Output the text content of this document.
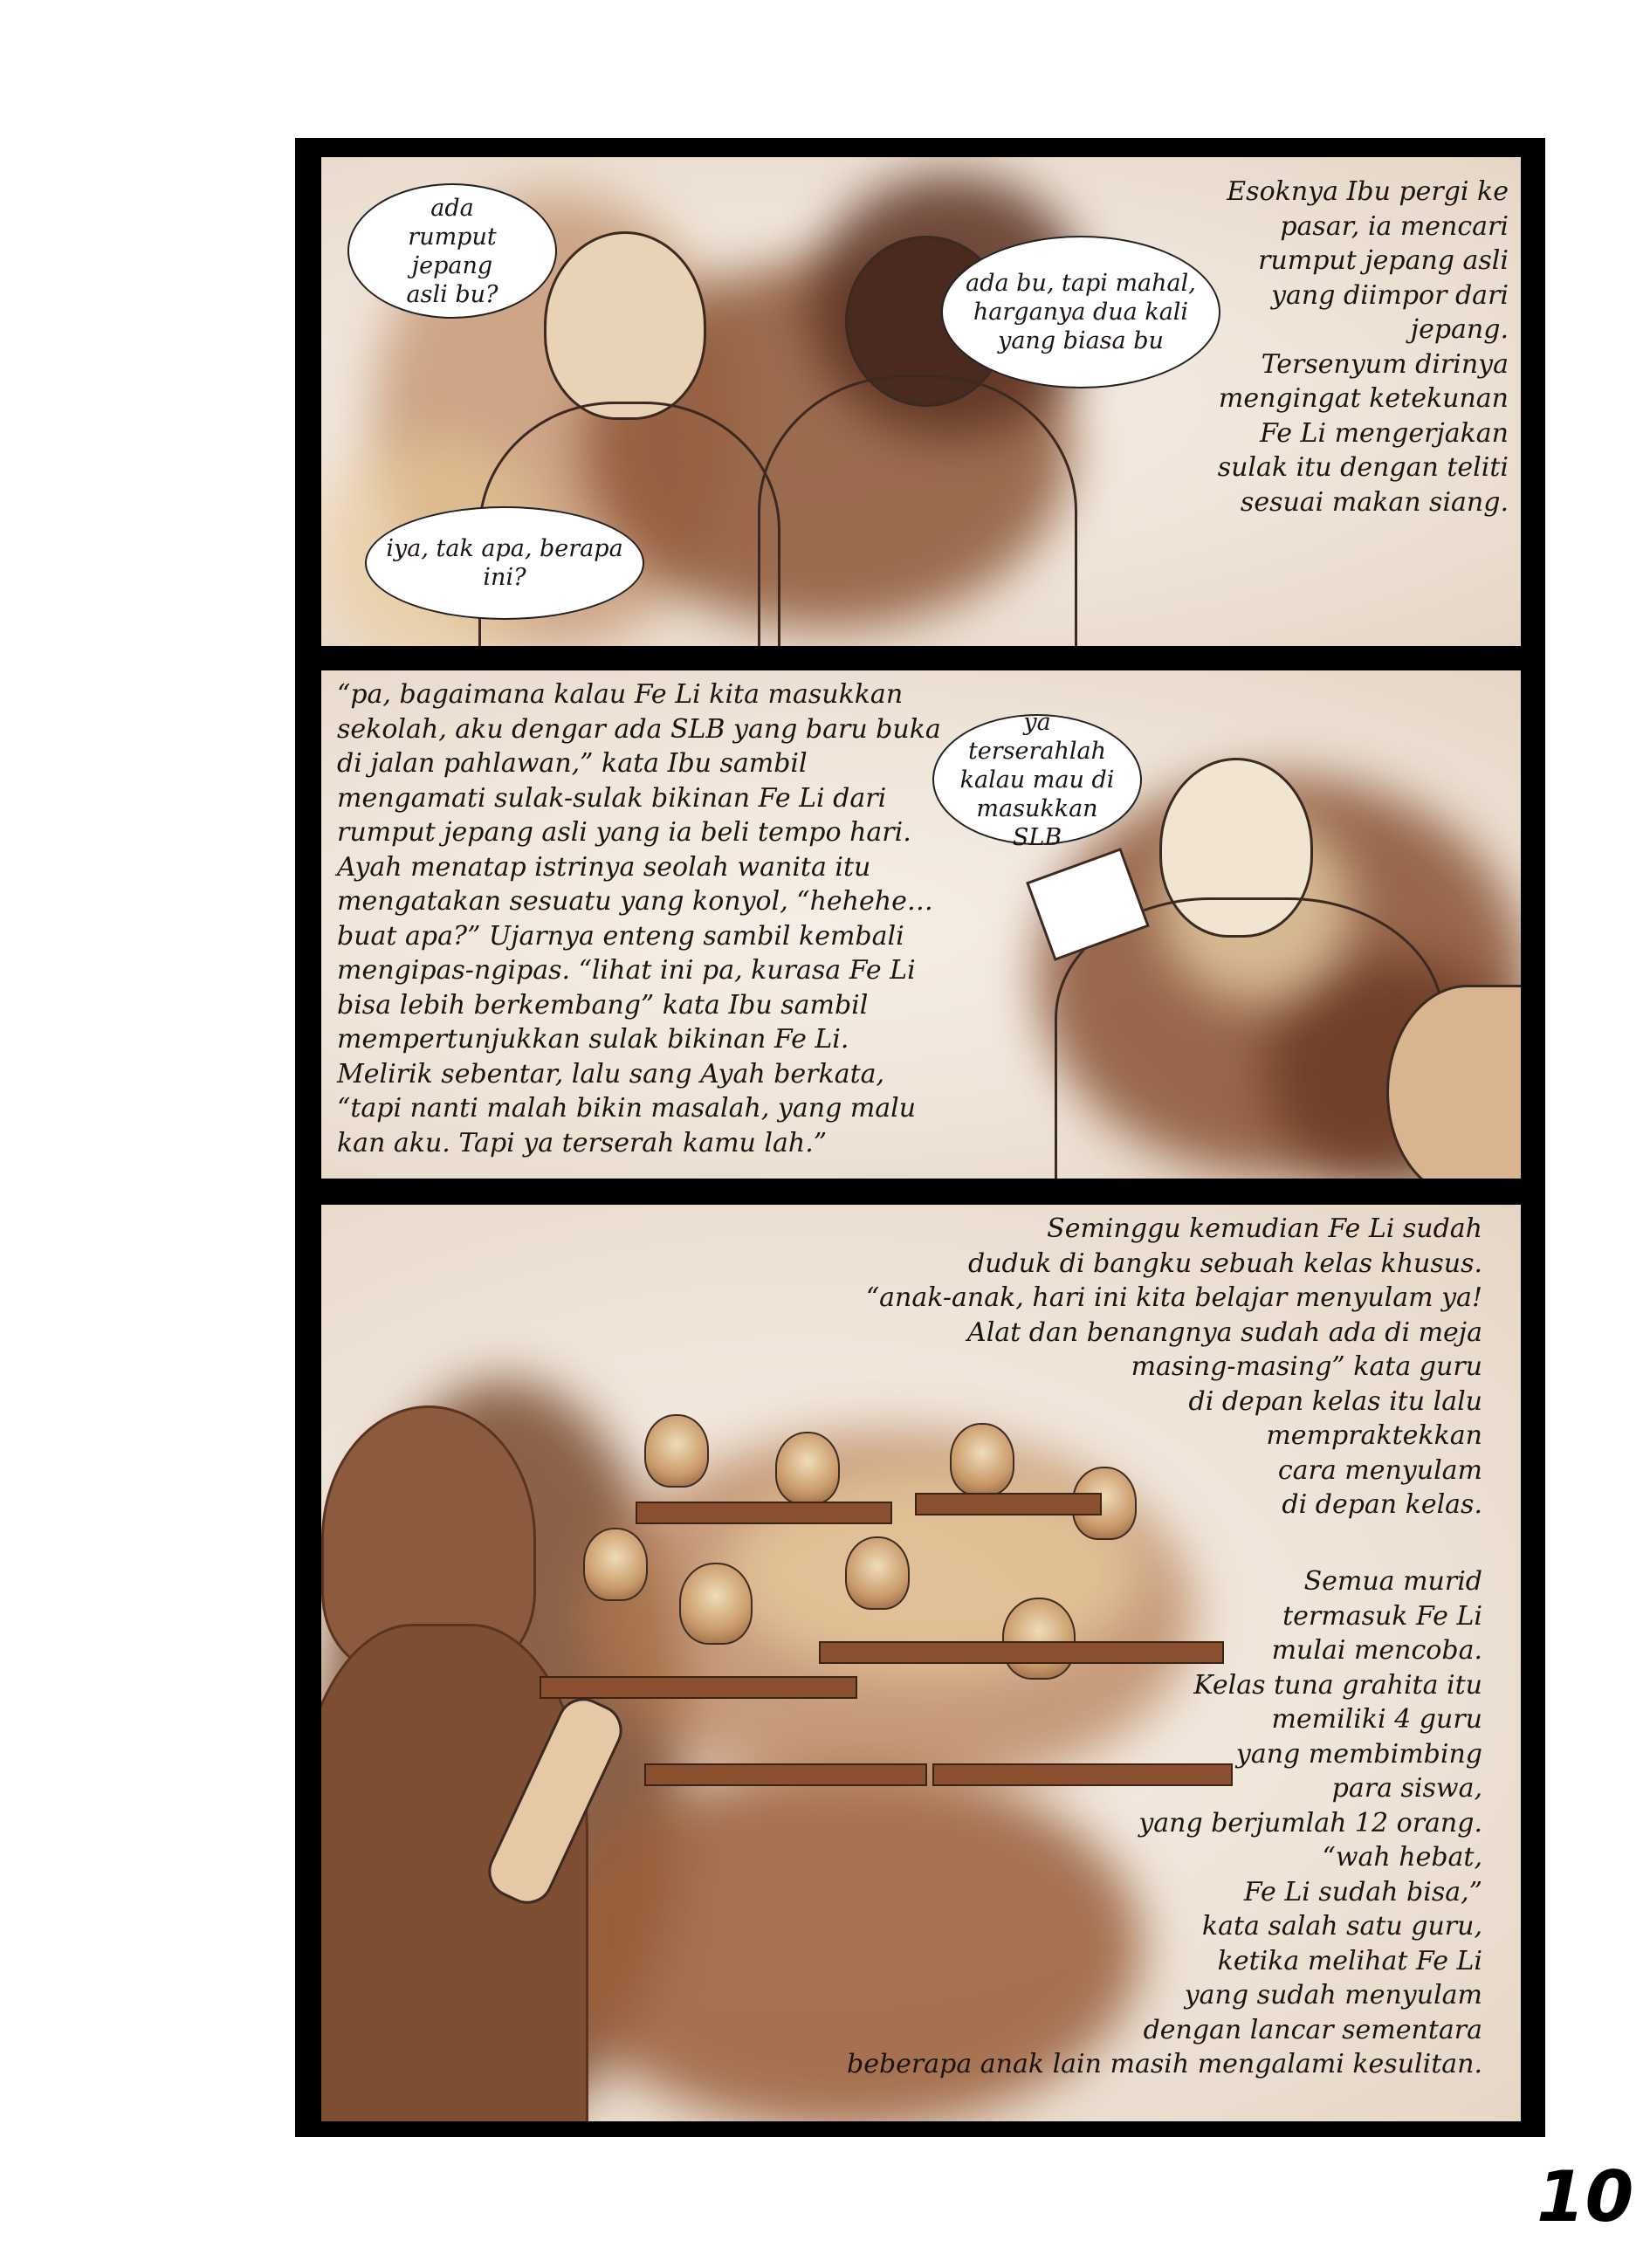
ada
rumput jepang
asli bu?	ada bu, tapi mahal,
harganya dua kali
yang biasa bu
iya, tak apa, berapa
ini?
Esoknya Ibu pergi ke
pasar, ia mencari
rumput jepang asli
yang diimpor dari
jepang.
Tersenyum dirinya
mengingat ketekunan
Fe Li mengerjakan
sulak itu dengan teliti
sesuai makan siang.
“pa, bagaimana kalau Fe Li kita masukkan
sekolah, aku dengar ada SLB yang baru buka
di jalan pahlawan,” kata Ibu sambil
mengamati sulak-sulak bikinan Fe Li dari
rumput jepang asli yang ia beli tempo hari.
Ayah menatap istrinya seolah wanita itu
mengatakan sesuatu yang konyol, “hehehe…
buat apa?” Ujarnya enteng sambil kembali
mengipas-ngipas. “lihat ini pa, kurasa Fe Li
bisa lebih berkembang” kata Ibu sambil
mempertunjukkan sulak bikinan Fe Li.
Melirik sebentar, lalu sang Ayah berkata,
“tapi nanti malah bikin masalah, yang malu
kan aku. Tapi ya terserah kamu lah.”
ya terserahlah
kalau mau di
masukkan SLB
Seminggu kemudian Fe Li sudah
duduk di bangku sebuah kelas khusus.
“anak-anak, hari ini kita belajar menyulam ya!
Alat dan benangnya sudah ada di meja
masing-masing” kata guru
di depan kelas itu lalu
mempraktekkan
cara menyulam
di depan kelas.
Semua murid
termasuk Fe Li
mulai mencoba.
Kelas tuna grahita itu
memiliki 4 guru
yang membimbing
para siswa,
yang berjumlah 12 orang.
“wah hebat,
Fe Li sudah bisa,”
kata salah satu guru,
ketika melihat Fe Li
yang sudah menyulam
dengan lancar sementara
beberapa anak lain masih mengalami kesulitan.
10
